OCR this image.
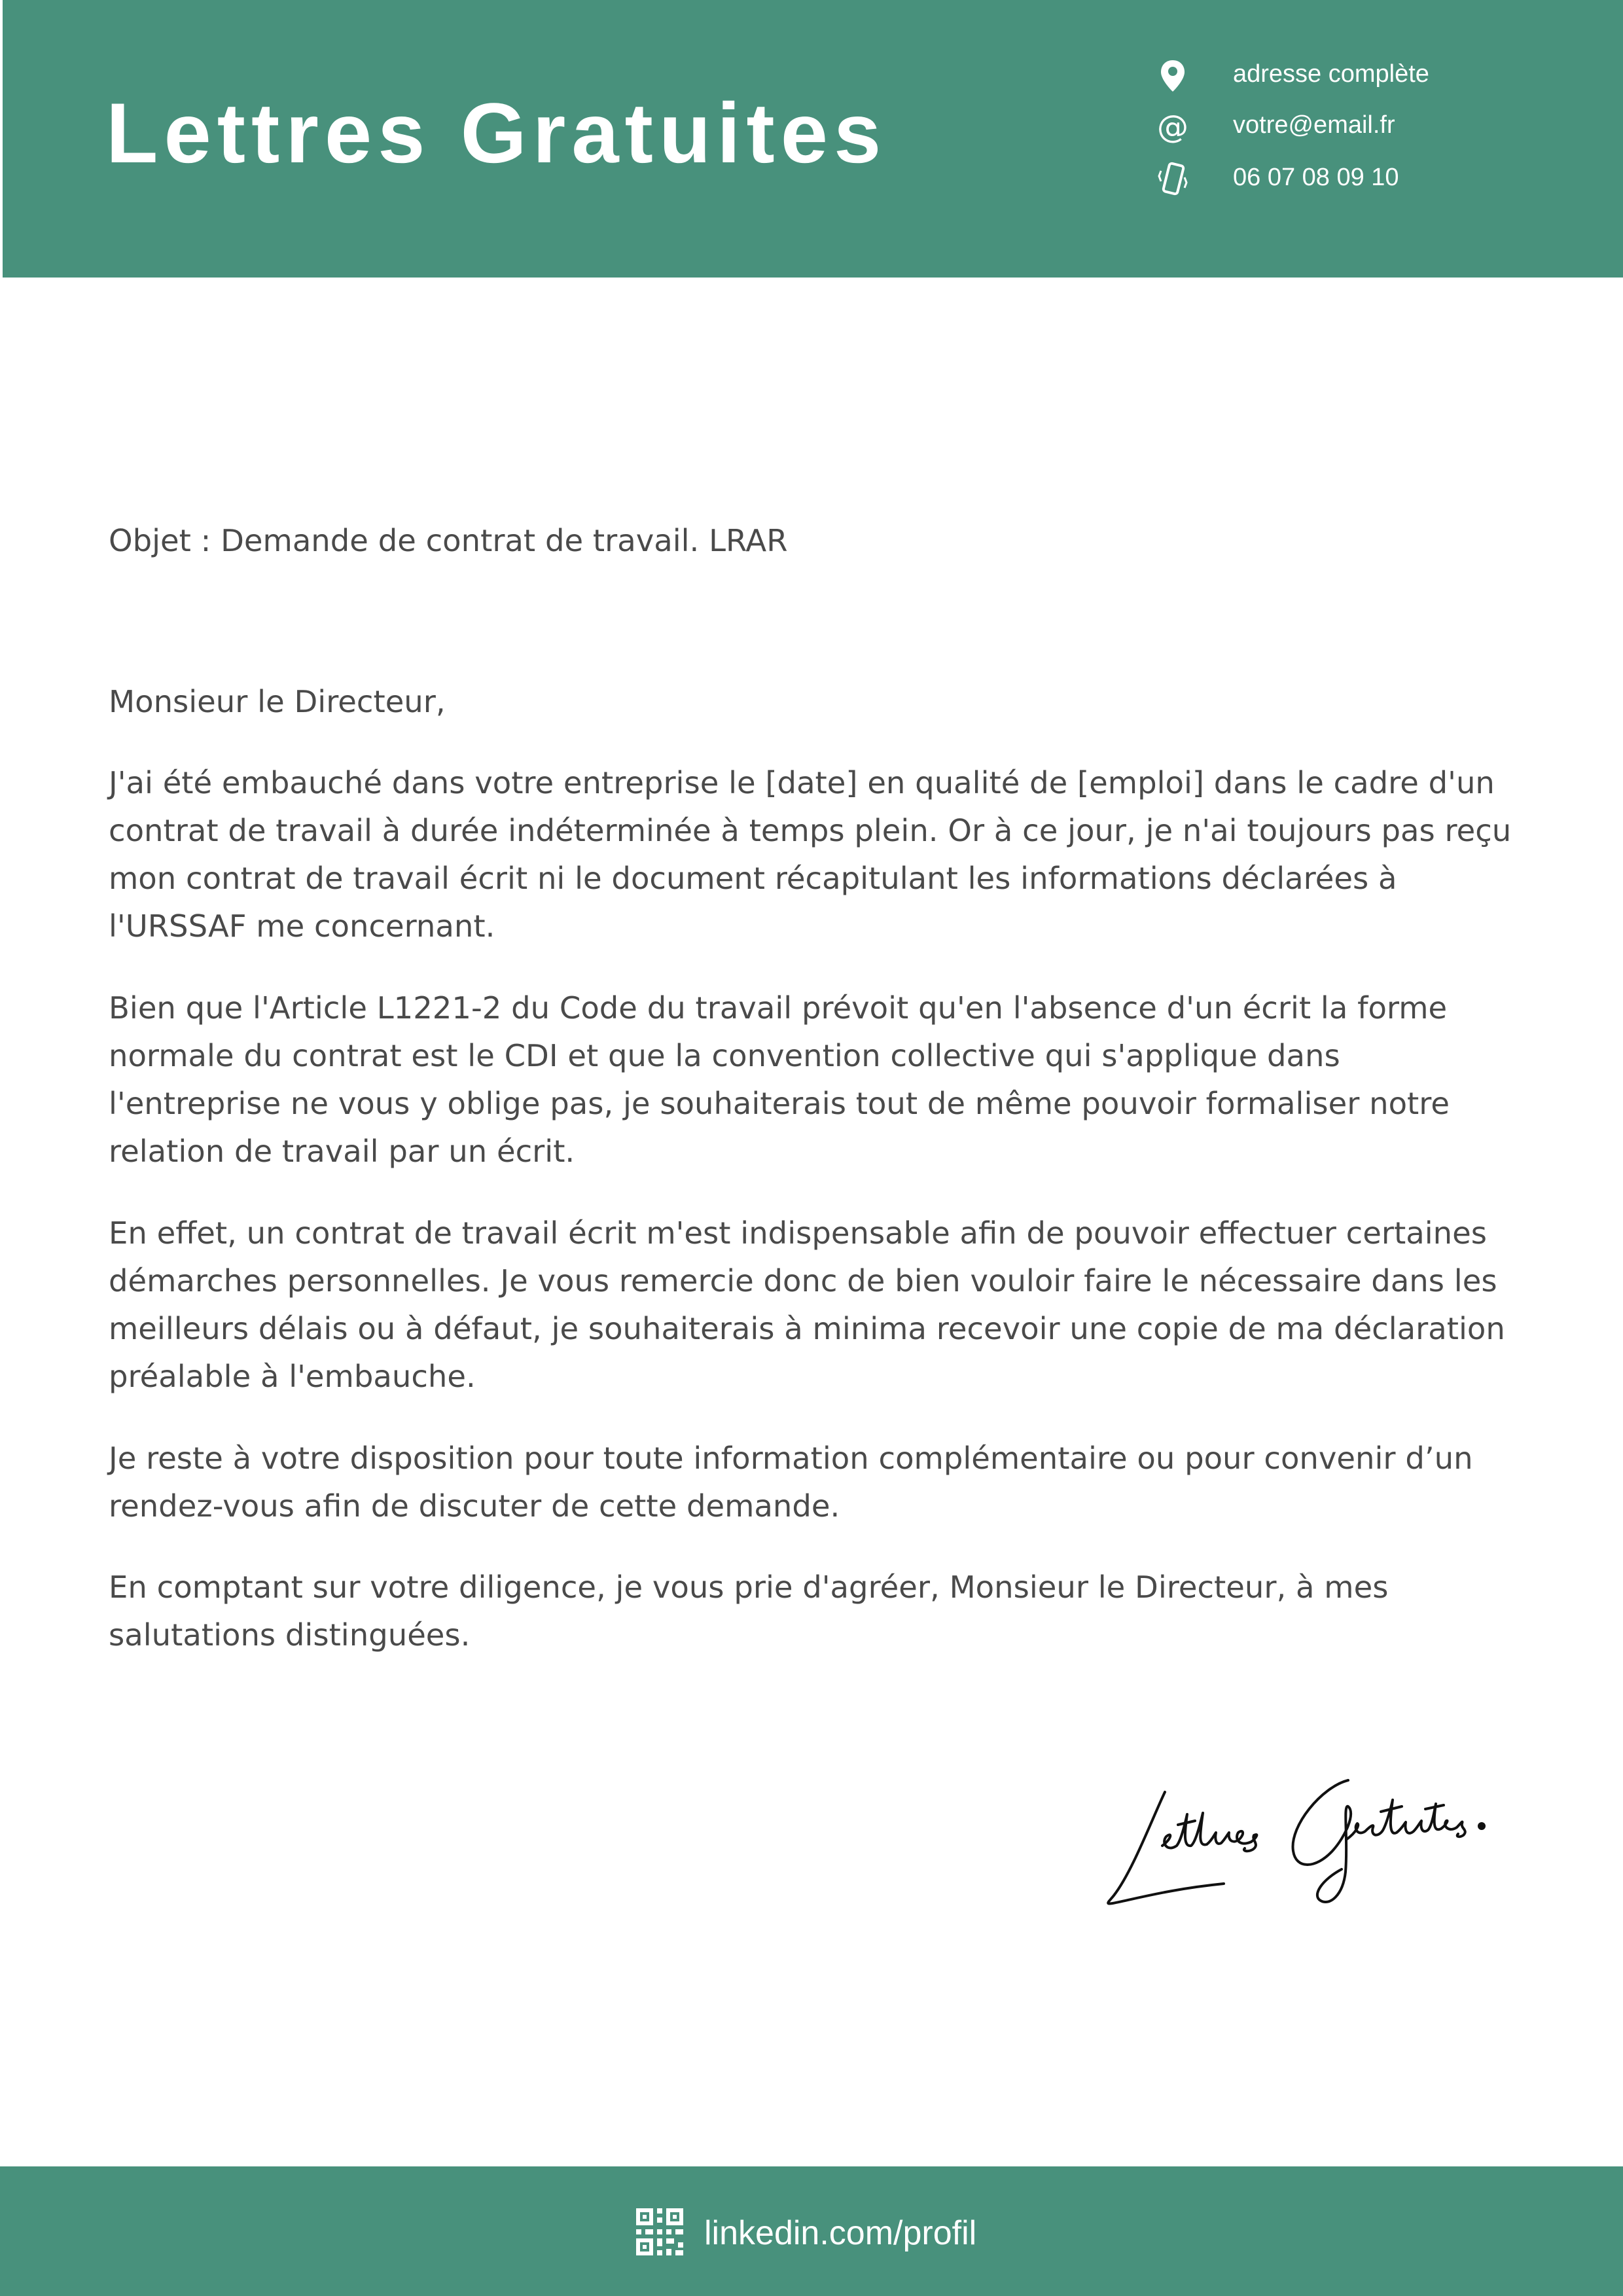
Lettres Gratuites
adresse complète
@ votre@email.fr
06 07 08 09 10
Objet : Demande de contrat de travail. LRAR
Monsieur le Directeur,

J'ai été embauché dans votre entreprise le [date] en qualité de [emploi] dans le cadre d'un contrat de travail à durée indéterminée à temps plein. Or à ce jour, je n'ai toujours pas reçu mon contrat de travail écrit ni le document récapitulant les informations déclarées à l'URSSAF me concernant.

Bien que l'Article L1221-2 du Code du travail prévoit qu'en l'absence d'un écrit la forme normale du contrat est le CDI et que la convention collective qui s'applique dans l'entreprise ne vous y oblige pas, je souhaiterais tout de même pouvoir formaliser notre relation de travail par un écrit.

En effet, un contrat de travail écrit m'est indispensable afin de pouvoir effectuer certaines démarches personnelles. Je vous remercie donc de bien vouloir faire le nécessaire dans les meilleurs délais ou à défaut, je souhaiterais à minima recevoir une copie de ma déclaration préalable à l'embauche.

Je reste à votre disposition pour toute information complémentaire ou pour convenir d’un rendez-vous afin de discuter de cette demande.

En comptant sur votre diligence, je vous prie d'agréer, Monsieur le Directeur, à mes salutations distinguées.

linkedin.com/profil
